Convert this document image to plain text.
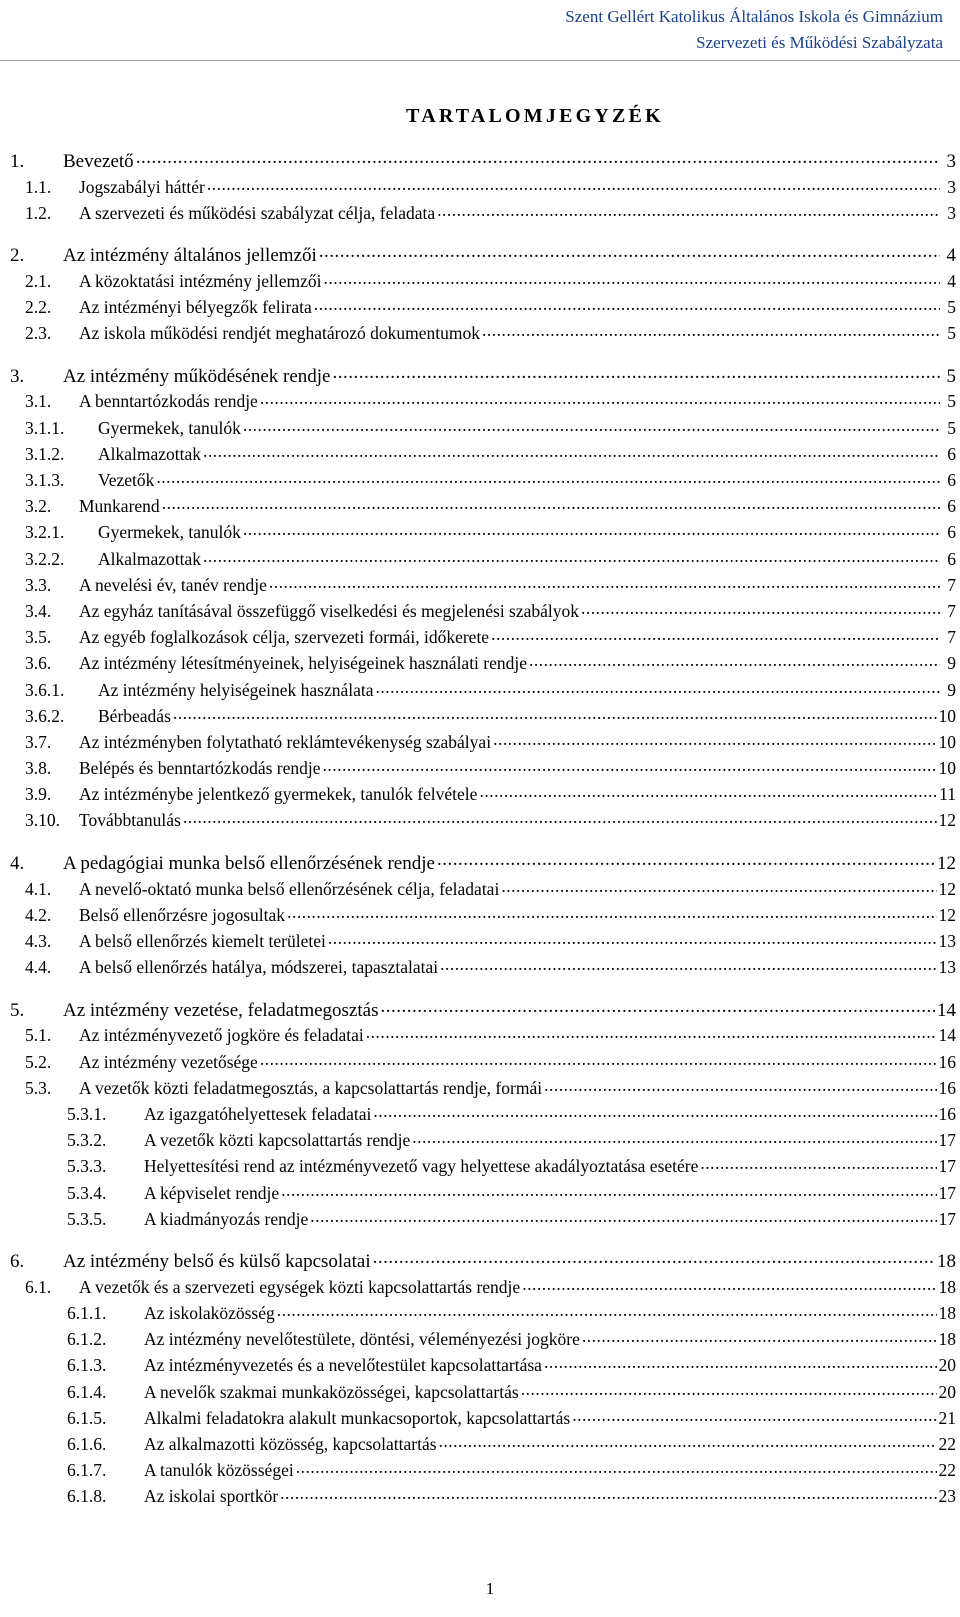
Szent Gellért Katolikus Általános Iskola és Gimnázium
Szervezeti és Működési Szabályzata
TARTALOMJEGYZÉK
1.	Bevezető .....	3
1.1.	Jogszabályi háttér .....	3
1.2.	A szervezeti és működési szabályzat célja, feladata .....	3
2.	Az intézmény általános jellemzői .....	4
2.1.	A közoktatási intézmény jellemzői .....	4
2.2.	Az intézményi bélyegzők felirata .....	5
2.3.	Az iskola működési rendjét meghatározó dokumentumok .....	5
3.	Az intézmény működésének rendje .....	5
3.1.	A benntartózkodás rendje .....	5
3.1.1.	Gyermekek, tanulók .....	5
3.1.2.	Alkalmazottak .....	6
3.1.3.	Vezetők .....	6
3.2.	Munkarend .....	6
3.2.1.	Gyermekek, tanulók .....	6
3.2.2.	Alkalmazottak .....	6
3.3.	A nevelési év, tanév rendje .....	7
3.4.	Az egyház tanításával összefüggő viselkedési és megjelenési szabályok .....	7
3.5.	Az egyéb foglalkozások célja, szervezeti formái, időkerete .....	7
3.6.	Az intézmény létesítményeinek, helyiségeinek használati rendje .....	9
3.6.1.	Az intézmény helyiségeinek használata .....	9
3.6.2.	Bérbeadás .....	10
3.7.	Az intézményben folytatható reklámtevékenység szabályai .....	10
3.8.	Belépés és benntartózkodás rendje .....	10
3.9.	Az intézménybe jelentkező gyermekek, tanulók felvétele .....	11
3.10.	Továbbtanulás .....	12
4.	A pedagógiai munka belső ellenőrzésének rendje .....	12
4.1.	A nevelő-oktató munka belső ellenőrzésének célja, feladatai .....	12
4.2.	Belső ellenőrzésre jogosultak .....	12
4.3.	A belső ellenőrzés kiemelt területei .....	13
4.4.	A belső ellenőrzés hatálya, módszerei, tapasztalatai .....	13
5.	Az intézmény vezetése, feladatmegosztás .....	14
5.1.	Az intézményvezető jogköre és feladatai .....	14
5.2.	Az intézmény vezetősége .....	16
5.3.	A vezetők közti feladatmegosztás, a kapcsolattartás rendje, formái .....	16
5.3.1.	Az igazgatóhelyettesek feladatai .....	16
5.3.2.	A vezetők közti kapcsolattartás rendje .....	17
5.3.3.	Helyettesítési rend az intézményvezető vagy helyettese akadályoztatása esetére .....	17
5.3.4.	A képviselet rendje .....	17
5.3.5.	A kiadmányozás rendje .....	17
6.	Az intézmény belső és külső kapcsolatai .....	18
6.1.	A vezetők és a szervezeti egységek közti kapcsolattartás rendje .....	18
6.1.1.	Az iskolaközösség .....	18
6.1.2.	Az intézmény nevelőtestülete, döntési, véleményezési jogköre .....	18
6.1.3.	Az intézményvezetés és a nevelőtestület kapcsolattartása .....	20
6.1.4.	A nevelők szakmai munkaközösségei, kapcsolattartás .....	20
6.1.5.	Alkalmi feladatokra alakult munkacsoportok, kapcsolattartás .....	21
6.1.6.	Az alkalmazotti közösség, kapcsolattartás .....	22
6.1.7.	A tanulók közösségei .....	22
6.1.8.	Az iskolai sportkör .....	23
1
